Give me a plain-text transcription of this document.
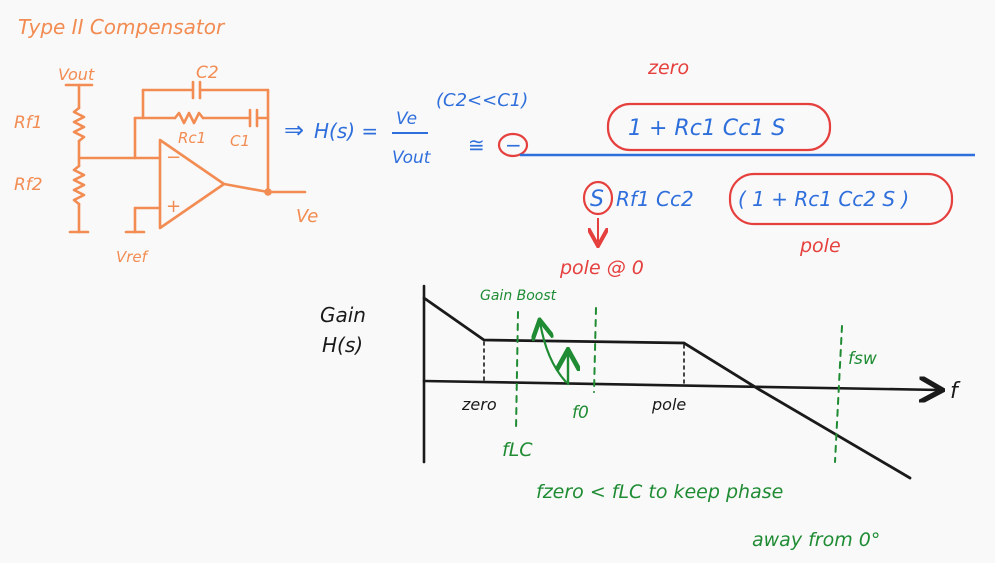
Type II Compensator
Vout	C2
Rc1 C1
Rf1
Rf2
−
+
Vref
Ve
⇒ H(s) = Ve
Vout
(C2<<C1)
≅ −
1 + Rc1 Cc1 S
zero
S Rf1 Cc2 ( 1 + Rc1 Cc2 S )
pole
pole @ 0
Gain
H(s)
f
zero	pole
f0
fLC
fsw
Gain Boost
fzero < fLC to keep phase
away from 0°
